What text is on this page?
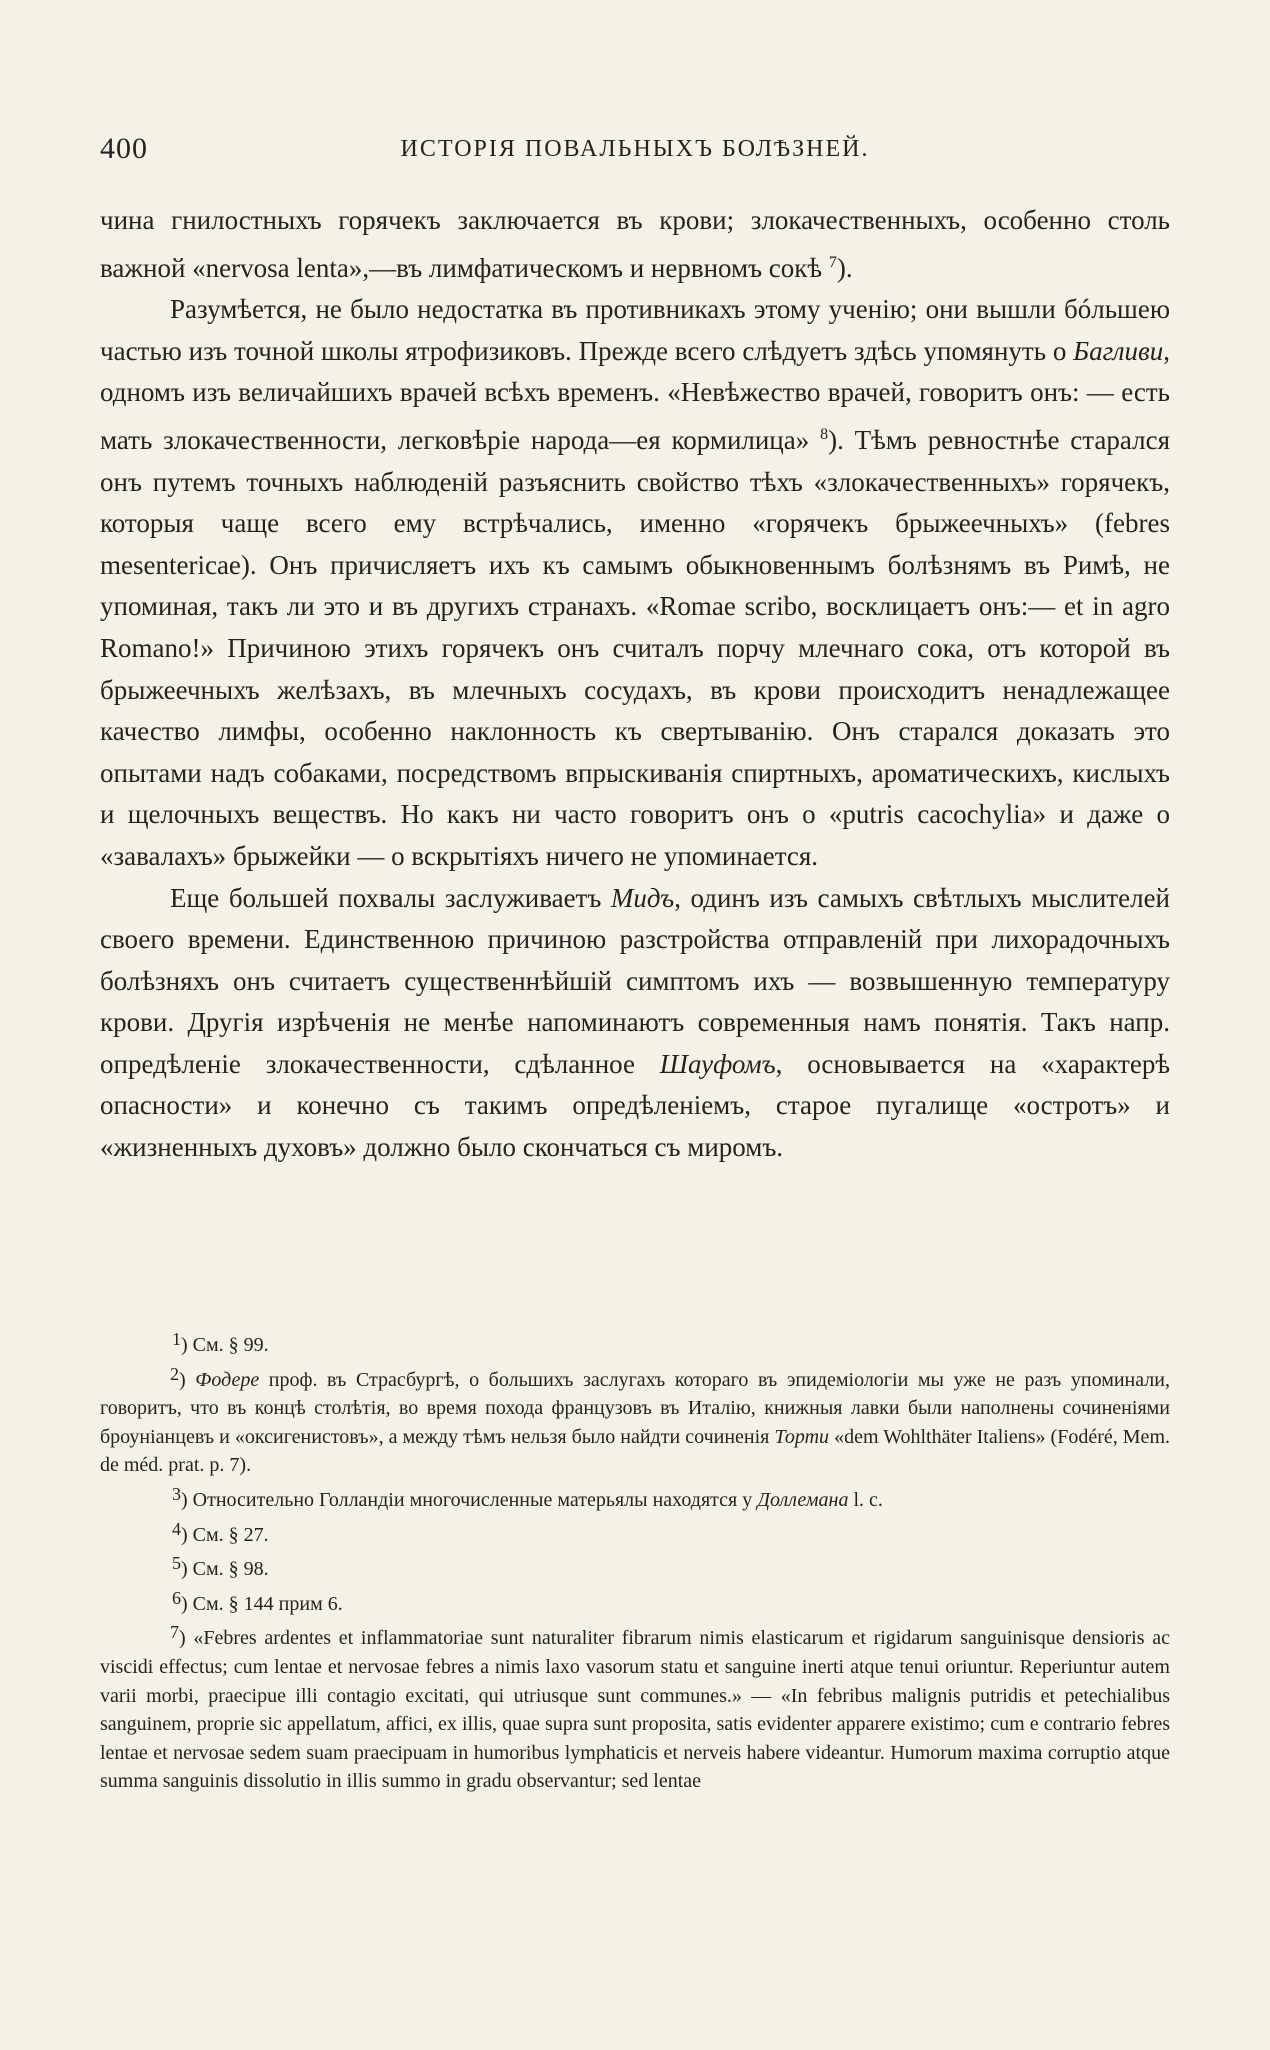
400	ИСТОРІЯ ПОВАЛЬНЫХЪ БОЛѢЗНЕЙ.

чина гнилостныхъ горячекъ заключается въ крови; злокачественныхъ, особенно столь важной «nervosa lenta»,—въ лимфатическомъ и нервномъ сокѣ $^7$).

Разумѣется, не было недостатка въ противникахъ этому ученію; они вышли бóльшею частью изъ точной школы ятрофизиковъ. Прежде всего слѣдуетъ здѣсь упомянуть о Багливи, одномъ изъ величайшихъ врачей всѣхъ временъ. «Невѣжество врачей, говоритъ онъ: — есть мать злокачественности, легковѣріе народа—ея кормилица» $^8$). Тѣмъ ревностнѣе старался онъ путемъ точныхъ наблюденій разъяснить свойство тѣхъ «злокачественныхъ» горячекъ, которыя чаще всего ему встрѣчались, именно «горячекъ брыжеечныхъ» (febres mesentericae). Онъ причисляетъ ихъ къ самымъ обыкновеннымъ болѣзнямъ въ Римѣ, не упоминая, такъ ли это и въ другихъ странахъ. «Romae scribo, восклицаетъ онъ:— et in agro Romano!» Причиною этихъ горячекъ онъ считалъ порчу млечнаго сока, отъ которой въ брыжеечныхъ желѣзахъ, въ млечныхъ сосудахъ, въ крови происходитъ ненадлежащее качество лимфы, особенно наклонность къ свертыванію. Онъ старался доказать это опытами надъ собаками, посредствомъ впрыскиванія спиртныхъ, ароматическихъ, кислыхъ и щелочныхъ веществъ. Но какъ ни часто говоритъ онъ о «putris cacochylia» и даже о «завалахъ» брыжейки — о вскрытіяхъ ничего не упоминается.

Еще большей похвалы заслуживаетъ Мидъ, одинъ изъ самыхъ свѣтлыхъ мыслителей своего времени. Единственною причиною разстройства отправленій при лихорадочныхъ болѣзняхъ онъ считаетъ существеннѣйшій симптомъ ихъ — возвышенную температуру крови. Другія изрѣченія не менѣе напоминаютъ современныя намъ понятія. Такъ напр. опредѣленіе злокачественности, сдѣланное Шауфомъ, основывается на «характерѣ опасности» и конечно съ такимъ опредѣленіемъ, старое пугалище «остротъ» и «жизненныхъ духовъ» должно было скончаться съ миромъ.

1) См. § 99.

2) Фодере проф. въ Страсбургѣ, о большихъ заслугахъ котораго въ эпидеміологіи мы уже не разъ упоминали, говоритъ, что въ концѣ столѣтія, во время похода французовъ въ Италію, книжныя лавки были наполнены сочиненіями броуніанцевъ и «оксигенистовъ», а между тѣмъ нельзя было найдти сочиненія Торти «dem Wohlthäter Italiens» (Fodéré, Mem. de méd. prat. p. 7).

3) Относительно Голландіи многочисленные матерьялы находятся у Доллемана l. c.

4) См. § 27.

5) См. § 98.

6) См. § 144 прим 6.

7) «Febres ardentes et inflammatoriae sunt naturaliter fibrarum nimis elasticarum et rigidarum sanguinisque densioris ac viscidi effectus; cum lentae et nervosae febres a nimis laxo vasorum statu et sanguine inerti atque tenui oriuntur. Reperiuntur autem varii morbi, praecipue illi contagio excitati, qui utriusque sunt communes.» — «In febribus malignis putridis et petechialibus sanguinem, proprie sic appellatum, affici, ex illis, quae supra sunt proposita, satis evidenter apparere existimo; cum e contrario febres lentae et nervosae sedem suam praecipuam in humoribus lymphaticis et nerveis habere videantur. Humorum maxima corruptio atque summa sanguinis dissolutio in illis summo in gradu observantur; sed lentae
